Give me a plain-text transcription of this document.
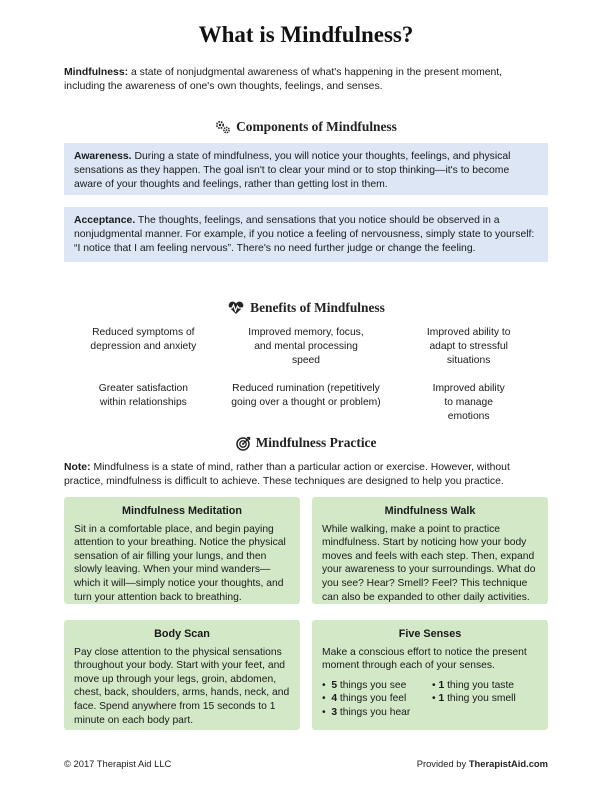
What is Mindfulness?
Mindfulness: a state of nonjudgmental awareness of what's happening in the present moment, including the awareness of one's own thoughts, feelings, and senses.
Components of Mindfulness
Awareness. During a state of mindfulness, you will notice your thoughts, feelings, and physical sensations as they happen. The goal isn't to clear your mind or to stop thinking—it's to become aware of your thoughts and feelings, rather than getting lost in them.
Acceptance. The thoughts, feelings, and sensations that you notice should be observed in a nonjudgmental manner. For example, if you notice a feeling of nervousness, simply state to yourself: “I notice that I am feeling nervous”. There's no need further judge or change the feeling.
Benefits of Mindfulness
Reduced symptoms of depression and anxiety
Improved memory, focus, and mental processing speed
Improved ability to adapt to stressful situations
Greater satisfaction within relationships
Reduced rumination (repetitively going over a thought or problem)
Improved ability to manage emotions
Mindfulness Practice
Note: Mindfulness is a state of mind, rather than a particular action or exercise. However, without practice, mindfulness is difficult to achieve. These techniques are designed to help you practice.
Mindfulness Meditation
Sit in a comfortable place, and begin paying attention to your breathing. Notice the physical sensation of air filling your lungs, and then slowly leaving. When your mind wanders—which it will—simply notice your thoughts, and turn your attention back to breathing.
Mindfulness Walk
While walking, make a point to practice mindfulness. Start by noticing how your body moves and feels with each step. Then, expand your awareness to your surroundings. What do you see? Hear? Smell? Feel? This technique can also be expanded to other daily activities.
Body Scan
Pay close attention to the physical sensations throughout your body. Start with your feet, and move up through your legs, groin, abdomen, chest, back, shoulders, arms, hands, neck, and face. Spend anywhere from 15 seconds to 1 minute on each body part.
Five Senses
Make a conscious effort to notice the present moment through each of your senses.
•  5 things you see	• 1 thing you taste
•  4 things you feel	• 1 thing you smell
•  3 things you hear
© 2017 Therapist Aid LLC	Provided by TherapistAid.com
